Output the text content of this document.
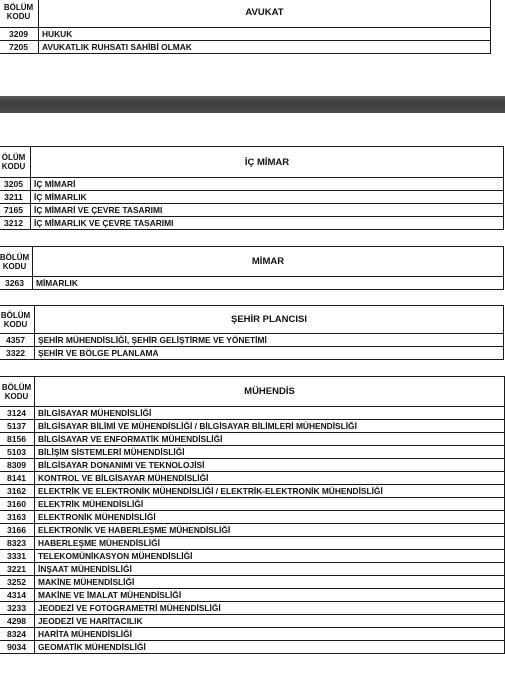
BÖLÜM
KODU	AVUKAT
3209	HUKUK
7205	AVUKATLIK RUHSATI SAHİBİ OLMAK
ÖLÜM
KODU	İÇ MİMAR
3205	İÇ MİMARİ
3211	İÇ MİMARLIK
7165	İÇ MİMARİ VE ÇEVRE TASARIMI
3212	İÇ MİMARLIK VE ÇEVRE TASARIMI
BÖLÜM
KODU	MİMAR
3263	MİMARLIK
BÖLÜM
KODU	ŞEHİR PLANCISI
4357	ŞEHİR MÜHENDİSLİĞİ, ŞEHİR GELİŞTİRME VE YÖNETİMİ
3322	ŞEHİR VE BÖLGE PLANLAMA
BÖLÜM
KODU	MÜHENDİS
3124	BİLGİSAYAR MÜHENDİSLİĞİ
5137	BİLGİSAYAR BİLİMİ VE MÜHENDİSLİĞİ / BİLGİSAYAR BİLİMLERİ MÜHENDİSLİĞİ
8156	BİLGİSAYAR VE ENFORMATİK MÜHENDİSLİĞİ
5103	BİLİŞİM SİSTEMLERİ MÜHENDİSLİĞİ
8309	BİLGİSAYAR DONANIMI VE TEKNOLOJİSİ
8141	KONTROL VE BİLGİSAYAR MÜHENDİSLİĞİ
3162	ELEKTRİK VE ELEKTRONİK MÜHENDİSLİĞİ / ELEKTRİK-ELEKTRONİK MÜHENDİSLİĞİ
3160	ELEKTRİK MÜHENDİSLİĞİ
3163	ELEKTRONİK MÜHENDİSLİĞİ
3166	ELEKTRONİK VE HABERLEŞME MÜHENDİSLİĞİ
8323	HABERLEŞME MÜHENDİSLİĞİ
3331	TELEKOMÜNİKASYON MÜHENDİSLİĞİ
3221	İNŞAAT MÜHENDİSLİĞİ
3252	MAKİNE MÜHENDİSLİĞİ
4314	MAKİNE VE İMALAT MÜHENDİSLİĞİ
3233	JEODEZİ VE FOTOGRAMETRİ MÜHENDİSLİĞİ
4298	JEODEZİ VE HARİTACILIK
8324	HARİTA MÜHENDİSLİĞİ
9034	GEOMATİK MÜHENDİSLİĞİ
